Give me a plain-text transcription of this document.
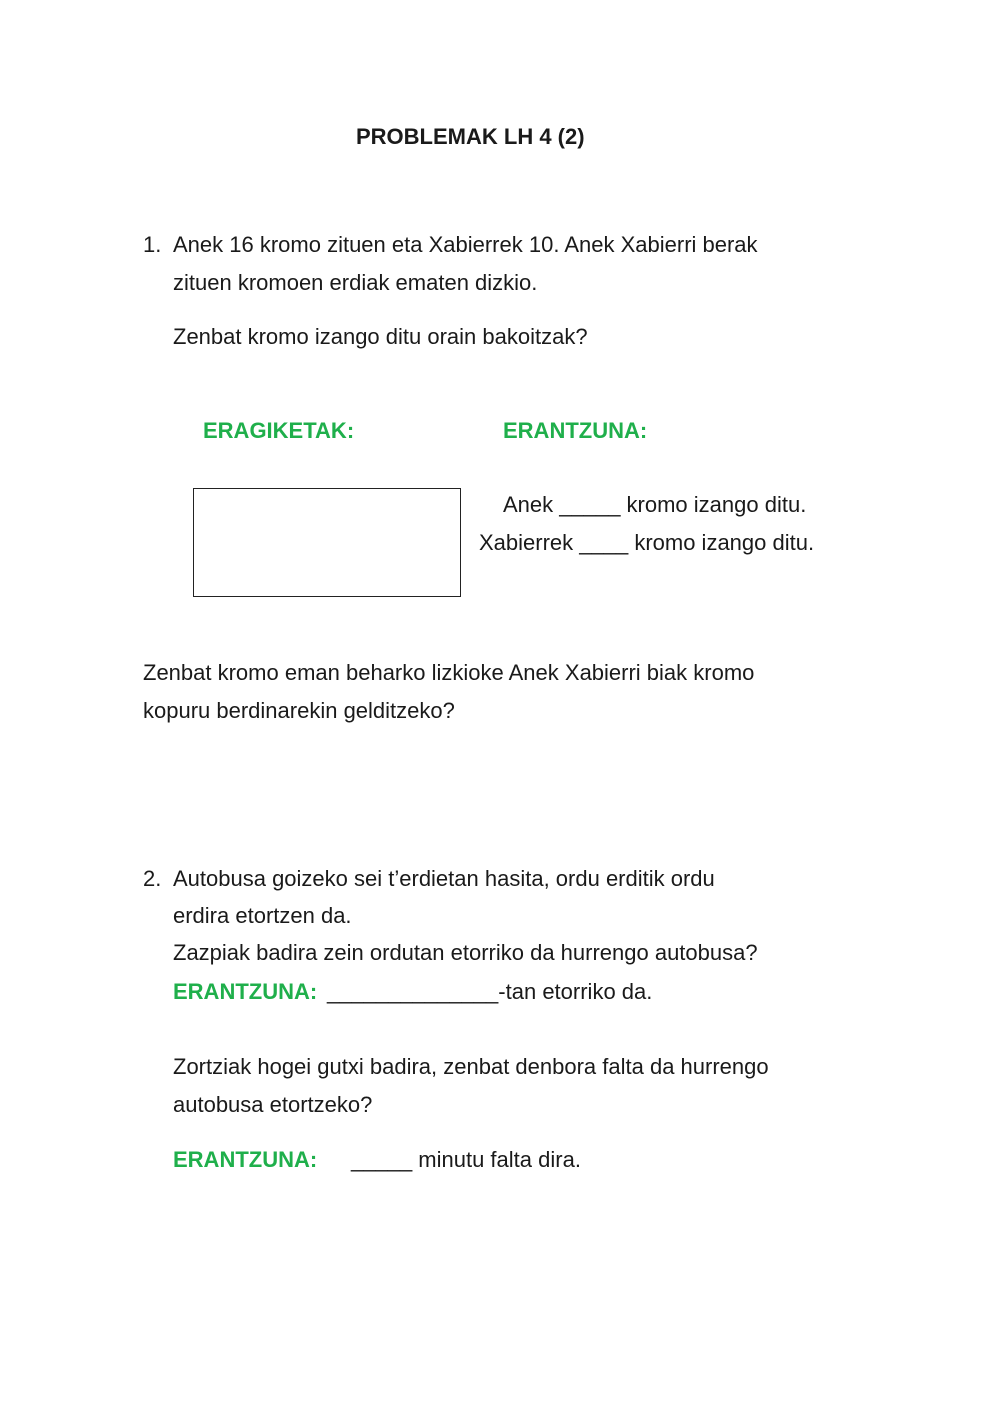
PROBLEMAK LH 4 (2)
1. Anek 16 kromo zituen eta Xabierrek 10. Anek Xabierri berak
zituen kromoen erdiak ematen dizkio.
Zenbat kromo izango ditu orain bakoitzak?
ERAGIKETAK:	ERANTZUNA:
Anek _____ kromo izango ditu.
Xabierrek ____ kromo izango ditu.
Zenbat kromo eman beharko lizkioke Anek Xabierri biak kromo
kopuru berdinarekin gelditzeko?
2. Autobusa goizeko sei t’erdietan hasita, ordu erditik ordu
erdira etortzen da.
Zazpiak badira zein ordutan etorriko da hurrengo autobusa?
ERANTZUNA: ______________-tan etorriko da.
Zortziak hogei gutxi badira, zenbat denbora falta da hurrengo
autobusa etortzeko?
ERANTZUNA: _____ minutu falta dira.
